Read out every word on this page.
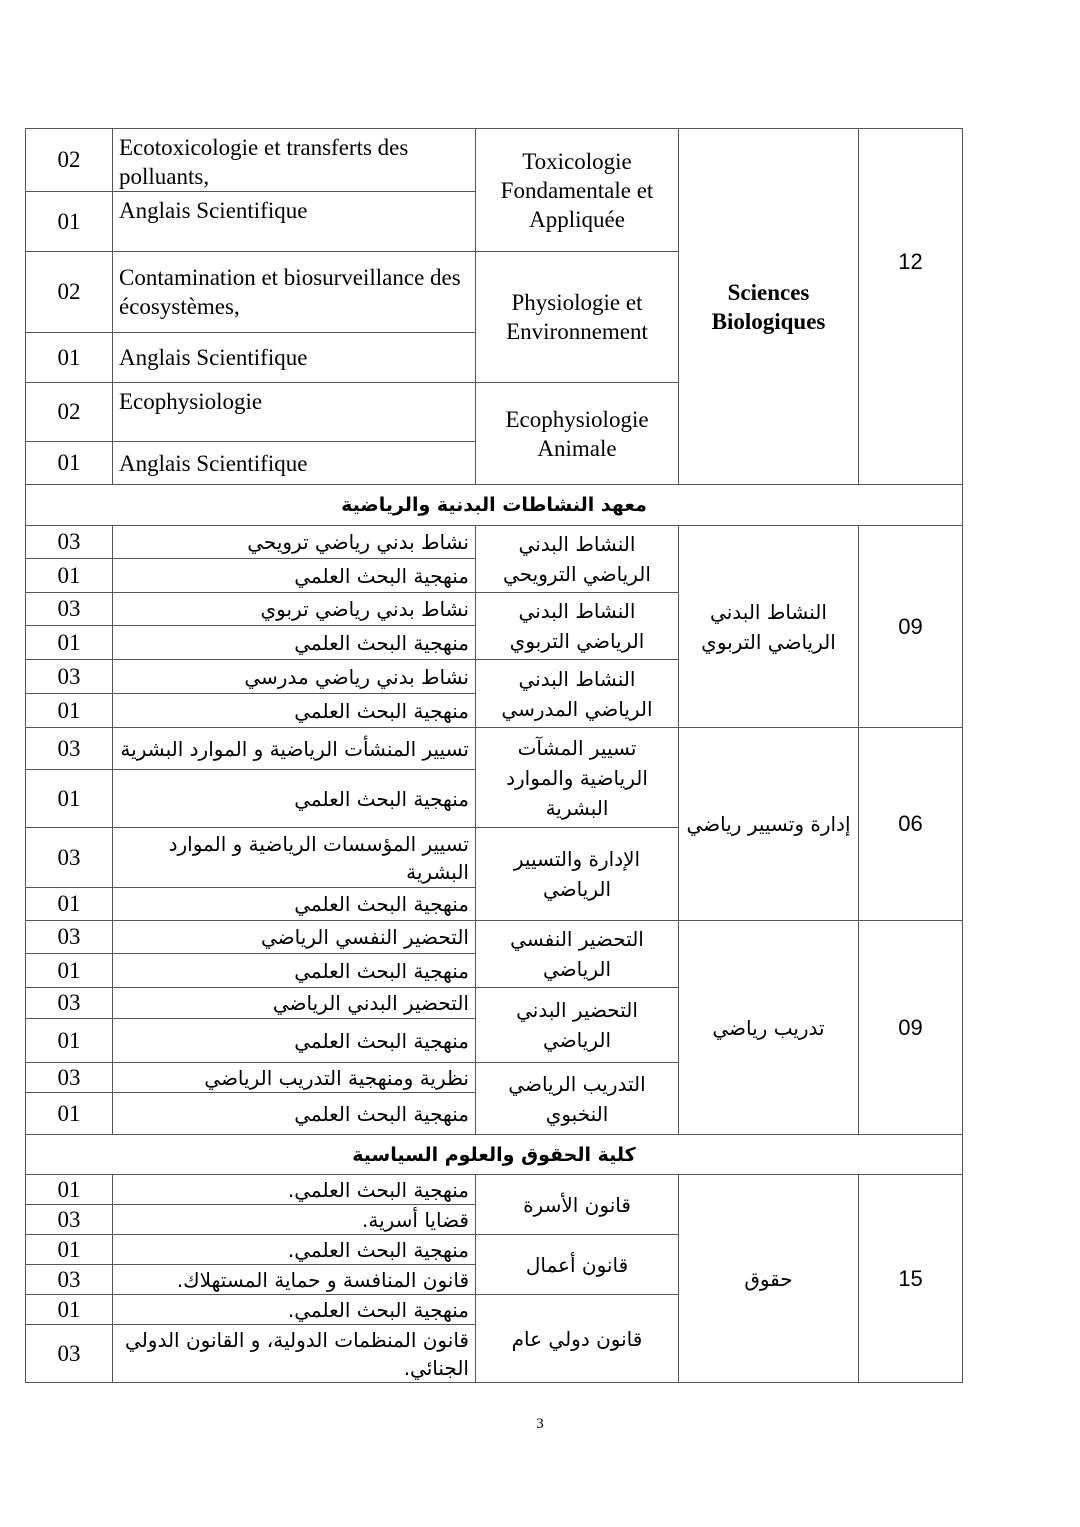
02	Ecotoxicologie et transferts des polluants,	Toxicologie Fondamentale et Appliquée	Sciences Biologiques	12
01	Anglais Scientifique			
02	Contamination et biosurveillance des écosystèmes,	Physiologie et Environnement		
01	Anglais Scientifique			
02	Ecophysiologie	Ecophysiologie Animale		
01	Anglais Scientifique			
معهد النشاطات البدنية والرياضية				
03	نشاط بدني رياضي ترويحي	النشاط البدني الرياضي الترويحي	النشاط البدني الرياضي التربوي	09
01	منهجية البحث العلمي			
03	نشاط بدني رياضي تربوي	النشاط البدني الرياضي التربوي		
01	منهجية البحث العلمي			
03	نشاط بدني رياضي مدرسي	النشاط البدني الرياضي المدرسي		
01	منهجية البحث العلمي			
03	تسيير المنشأت الرياضية و الموارد البشرية	تسيير المشآت الرياضية والموارد البشرية	إدارة وتسيير رياضي	06
01	منهجية البحث العلمي			
03	تسيير المؤسسات الرياضية و الموارد البشرية	الإدارة والتسيير الرياضي		
01	منهجية البحث العلمي			
03	التحضير النفسي الرياضي	التحضير النفسي الرياضي	تدريب رياضي	09
01	منهجية البحث العلمي			
03	التحضير البدني الرياضي	التحضير البدني الرياضي		
01	منهجية البحث العلمي			
03	نظرية ومنهجية التدريب الرياضي	التدريب الرياضي النخبوي		
01	منهجية البحث العلمي			
كلية الحقوق والعلوم السياسية				
01	منهجية البحث العلمي.	قانون الأسرة	حقوق	15
03	قضايا أسرية.			
01	منهجية البحث العلمي.	قانون أعمال		
03	قانون المنافسة و حماية المستهلاك.			
01	منهجية البحث العلمي.	قانون دولي عام		
03	قانون المنظمات الدولية، و القانون الدولي الجنائي.			
3
